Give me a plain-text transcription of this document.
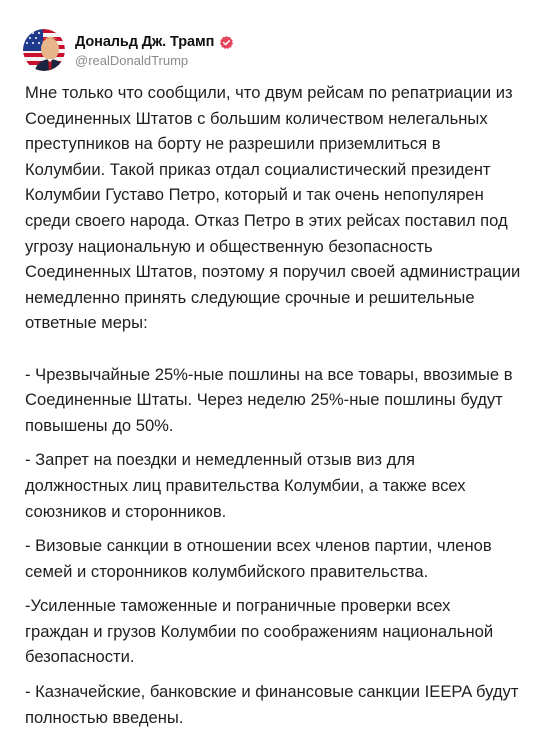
Дональд Дж. Трамп
@realDonaldTrump

Мне только что сообщили, что двум рейсам по репатриации из
Соединенных Штатов с большим количеством нелегальных
преступников на борту не разрешили приземлиться в
Колумбии. Такой приказ отдал социалистический президент
Колумбии Густаво Петро, который и так очень непопулярен
среди своего народа. Отказ Петро в этих рейсах поставил под
угрозу национальную и общественную безопасность
Соединенных Штатов, поэтому я поручил своей администрации
немедленно принять следующие срочные и решительные
ответные меры:

- Чрезвычайные 25%-ные пошлины на все товары, ввозимые в
Соединенные Штаты. Через неделю 25%-ные пошлины будут
повышены до 50%.

- Запрет на поездки и немедленный отзыв виз для
должностных лиц правительства Колумбии, а также всех
союзников и сторонников.

- Визовые санкции в отношении всех членов партии, членов
семей и сторонников колумбийского правительства.

-Усиленные таможенные и пограничные проверки всех
граждан и грузов Колумбии по соображениям национальной
безопасности.

- Казначейские, банковские и финансовые санкции IEEPA будут
полностью введены.
